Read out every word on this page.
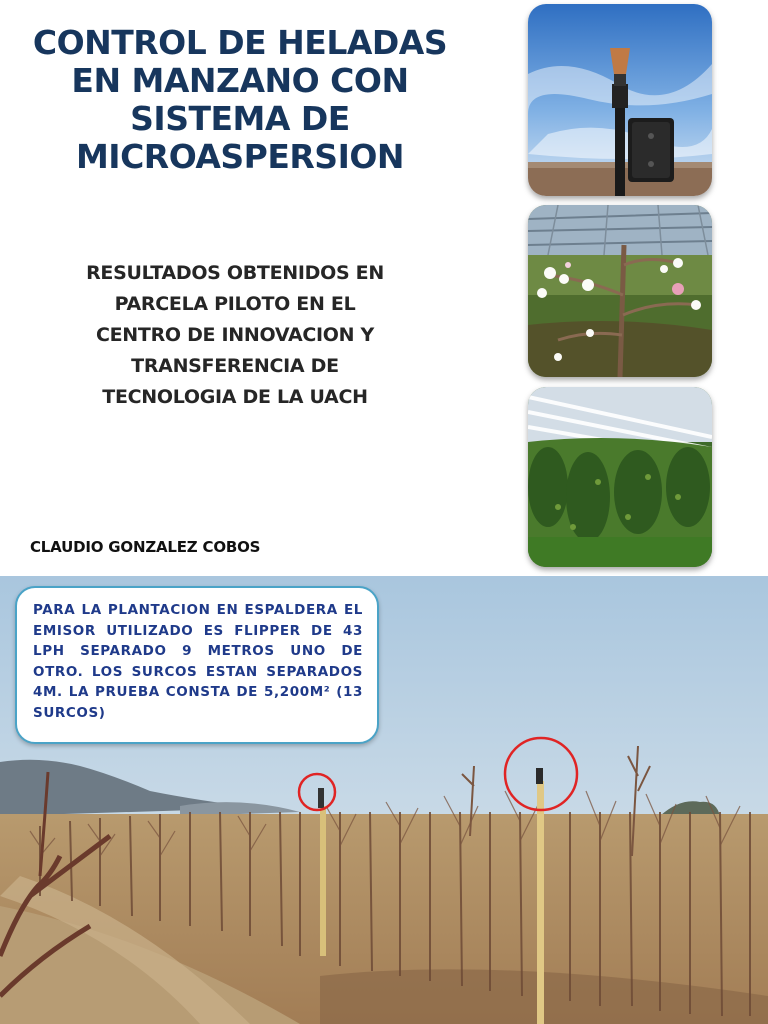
CONTROL DE HELADAS
EN MANZANO CON
SISTEMA DE
MICROASPERSION
RESULTADOS OBTENIDOS EN
PARCELA PILOTO EN EL
CENTRO DE INNOVACION Y
TRANSFERENCIA DE
TECNOLOGIA DE LA UACH
CLAUDIO GONZALEZ COBOS
PARA LA PLANTACION EN ESPALDERA EL EMISOR UTILIZADO ES FLIPPER DE 43 LPH SEPARADO 9 METROS UNO DE OTRO. LOS SURCOS ESTAN SEPARADOS 4M. LA PRUEBA CONSTA DE 5,200M² (13 SURCOS)
